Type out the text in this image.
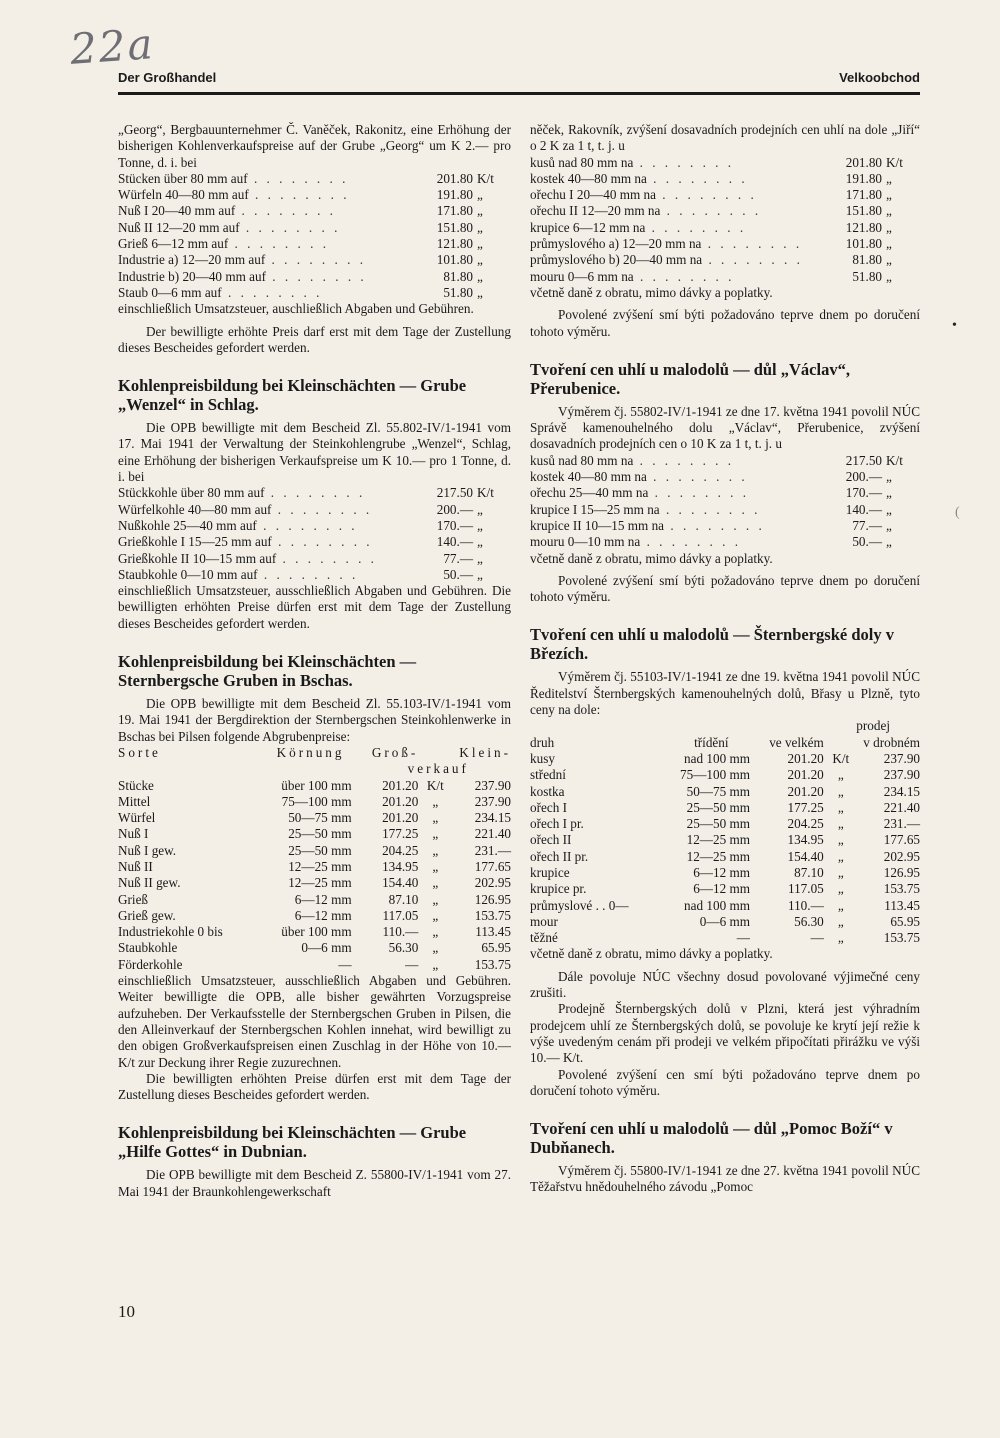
22a
Der Großhandel	Velkoobchod

„Georg“, Bergbauunternehmer Č. Vaněček, Rakonitz, eine Erhöhung der bisherigen Kohlenverkaufspreise auf der Grube „Georg“ um K 2.— pro Tonne, d. i. bei

Stücken über 80 mm auf . . . . . . . .	201.80	K/t
Würfeln 40—80 mm auf . . . . . . . .	191.80	„
Nuß I 20—40 mm auf . . . . . . . .	171.80	„
Nuß II 12—20 mm auf . . . . . . . .	151.80	„
Grieß 6—12 mm auf . . . . . . . .	121.80	„
Industrie a) 12—20 mm auf . . . . . . . .	101.80	„
Industrie b) 20—40 mm auf . . . . . . . .	81.80	„
Staub 0—6 mm auf . . . . . . . .	51.80	„

einschließlich Umsatzsteuer, auschließlich Abgaben und Gebühren.

Der bewilligte erhöhte Preis darf erst mit dem Tage der Zustellung dieses Bescheides gefordert werden.

Kohlenpreisbildung bei Kleinschächten — Grube „Wenzel“ in Schlag.

Die OPB bewilligte mit dem Bescheid Zl. 55.802-IV/1-1941 vom 17. Mai 1941 der Verwaltung der Steinkohlengrube „Wenzel“, Schlag, eine Erhöhung der bisherigen Verkaufspreise um K 10.— pro 1 Tonne, d. i. bei

Stückkohle über 80 mm auf . . . . . . . .	217.50	K/t
Würfelkohle 40—80 mm auf . . . . . . . .	200.—	„
Nußkohle 25—40 mm auf . . . . . . . .	170.—	„
Grießkohle I 15—25 mm auf . . . . . . . .	140.—	„
Grießkohle II 10—15 mm auf . . . . . . . .	77.—	„
Staubkohle 0—10 mm auf . . . . . . . .	50.—	„

einschließlich Umsatzsteuer, ausschließlich Abgaben und Gebühren. Die bewilligten erhöhten Preise dürfen erst mit dem Tage der Zustellung dieses Bescheides gefordert werden.

Kohlenpreisbildung bei Kleinschächten — Sternbergsche Gruben in Bschas.

Die OPB bewilligte mit dem Bescheid Zl. 55.103-IV/1-1941 vom 19. Mai 1941 der Bergdirektion der Sternbergschen Steinkohlenwerke in Bschas bei Pilsen folgende Abgrubenpreise:

Sorte	Körnung	Groß-		Klein-
		verkauf		
Stücke	über 100 mm	201.20	K/t	237.90
Mittel	75—100 mm	201.20	„	237.90
Würfel	50—75 mm	201.20	„	234.15
Nuß I	25—50 mm	177.25	„	221.40
Nuß I gew.	25—50 mm	204.25	„	231.—
Nuß II	12—25 mm	134.95	„	177.65
Nuß II gew.	12—25 mm	154.40	„	202.95
Grieß	6—12 mm	87.10	„	126.95
Grieß gew.	6—12 mm	117.05	„	153.75
Industriekohle 0 bis	über 100 mm	110.—	„	113.45
Staubkohle	0—6 mm	56.30	„	65.95
Förderkohle	—	—	„	153.75

einschließlich Umsatzsteuer, ausschließlich Abgaben und Gebühren. Weiter bewilligte die OPB, alle bisher gewährten Vorzugspreise aufzuheben. Der Verkaufsstelle der Sternbergschen Gruben in Pilsen, die den Alleinverkauf der Sternbergschen Kohlen innehat, wird bewilligt zu den obigen Großverkaufspreisen einen Zuschlag in der Höhe von 10.— K/t zur Deckung ihrer Regie zuzurechnen.

Die bewilligten erhöhten Preise dürfen erst mit dem Tage der Zustellung dieses Bescheides gefordert werden.

Kohlenpreisbildung bei Kleinschächten — Grube „Hilfe Gottes“ in Dubnian.

Die OPB bewilligte mit dem Bescheid Z. 55800-IV/1-1941 vom 27. Mai 1941 der Braunkohlengewerkschaft

něček, Rakovník, zvýšení dosavadních prodejních cen uhlí na dole „Jiří“ o 2 K za 1 t, t. j. u

kusů nad 80 mm na . . . . . . . .	201.80	K/t
kostek 40—80 mm na . . . . . . . .	191.80	„
ořechu I 20—40 mm na . . . . . . . .	171.80	„
ořechu II 12—20 mm na . . . . . . . .	151.80	„
krupice 6—12 mm na . . . . . . . .	121.80	„
průmyslového a) 12—20 mm na . . . . . . . .	101.80	„
průmyslového b) 20—40 mm na . . . . . . . .	81.80	„
mouru 0—6 mm na . . . . . . . .	51.80	„

včetně daně z obratu, mimo dávky a poplatky.

Povolené zvýšení smí býti požadováno teprve dnem po doručení tohoto výměru.

Tvoření cen uhlí u malodolů — důl „Václav“, Přerubenice.

Výměrem čj. 55802-IV/1-1941 ze dne 17. května 1941 povolil NÚC Správě kamenouhelného dolu „Václav“, Přerubenice, zvýšení dosavadních prodejních cen o 10 K za 1 t, t. j. u

kusů nad 80 mm na . . . . . . . .	217.50	K/t
kostek 40—80 mm na . . . . . . . .	200.—	„
ořechu 25—40 mm na . . . . . . . .	170.—	„
krupice I 15—25 mm na . . . . . . . .	140.—	„
krupice II 10—15 mm na . . . . . . . .	77.—	„
mouru 0—10 mm na . . . . . . . .	50.—	„

včetně daně z obratu, mimo dávky a poplatky.

Povolené zvýšení smí býti požadováno teprve dnem po doručení tohoto výměru.

Tvoření cen uhlí u malodolů — Šternbergské doly v Březích.

Výměrem čj. 55103-IV/1-1941 ze dne 19. května 1941 povolil NÚC Ředitelství Šternbergských kamenouhelných dolů, Břasy u Plzně, tyto ceny na dole:

		prodej		
druh	třídění	ve velkém		v drobném
kusy	nad 100 mm	201.20	K/t	237.90
střední	75—100 mm	201.20	„	237.90
kostka	50—75 mm	201.20	„	234.15
ořech I	25—50 mm	177.25	„	221.40
ořech I pr.	25—50 mm	204.25	„	231.—
ořech II	12—25 mm	134.95	„	177.65
ořech II pr.	12—25 mm	154.40	„	202.95
krupice	6—12 mm	87.10	„	126.95
krupice pr.	6—12 mm	117.05	„	153.75
průmyslové . . 0—	nad 100 mm	110.—	„	113.45
mour	0—6 mm	56.30	„	65.95
těžné	—	—	„	153.75

včetně daně z obratu, mimo dávky a poplatky.

Dále povoluje NÚC všechny dosud povolované výjimečné ceny zrušiti.

Prodejně Šternbergských dolů v Plzni, která jest výhradním prodejcem uhlí ze Šternbergských dolů, se povoluje ke krytí její režie k výše uvedeným cenám při prodeji ve velkém připočítati přirážku ve výši 10.— K/t.

Povolené zvýšení cen smí býti požadováno teprve dnem po doručení tohoto výměru.

Tvoření cen uhlí u malodolů — důl „Pomoc Boží“ v Dubňanech.

Výměrem čj. 55800-IV/1-1941 ze dne 27. května 1941 povolil NÚC Těžařstvu hnědouhelného závodu „Pomoc

10
•
(
